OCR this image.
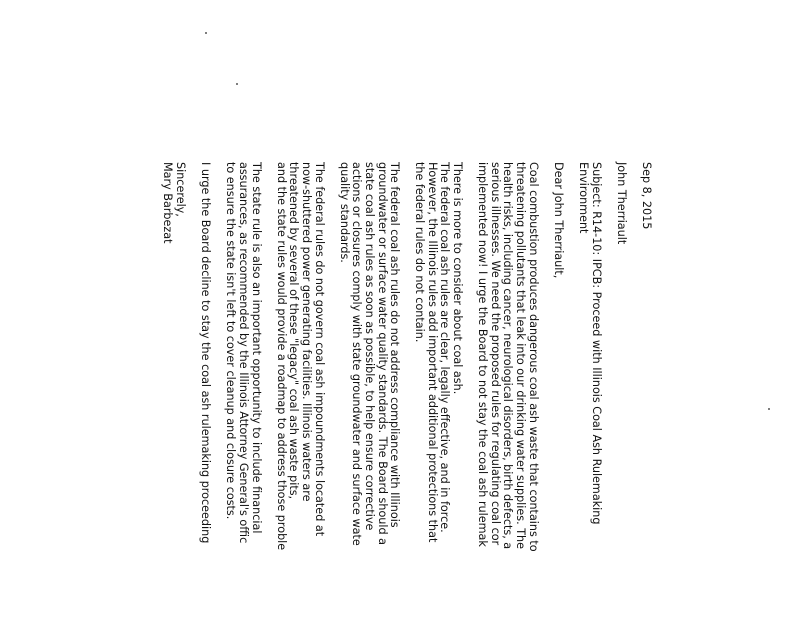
Sep 8, 2015
John Therriault
Subject: R14-10: IPCB: Proceed with Illinois Coal Ash Rulemaking
Environment
Dear John Therriault,
Coal combustion produces dangerous coal ash waste that contains to
threatening pollutants that leak into our drinking water supplies. The
health risks, including cancer, neurological disorders, birth defects, a
serious illnesses. We need the proposed rules for regulating coal cor
implemented now! I urge the Board to not stay the coal ash rulemak
There is more to consider about coal ash.
The federal coal ash rules are clear, legally effective, and in force.
However, the Illinois rules add important additional protections that
the federal rules do not contain.
The federal coal ash rules do not address compliance with Illinois
groundwater or surface water quality standards. The Board should a
state coal ash rules as soon as possible, to help ensure corrective
actions or closures comply with state groundwater and surface wate
quality standards.
The federal rules do not govern coal ash impoundments located at
now-shuttered power generating facilities. Illinois waters are
threatened by several of these "legacy" coal ash waste pits,
and the state rules would provide a roadmap to address those proble
The state rule is also an important opportunity to include financial
assurances, as recommended by the Illinois Attorney General's offic
to ensure the state isn't left to cover cleanup and closure costs.
I urge the Board decline to stay the coal ash rulemaking proceeding
Sincerely,
Mary Barbezat
